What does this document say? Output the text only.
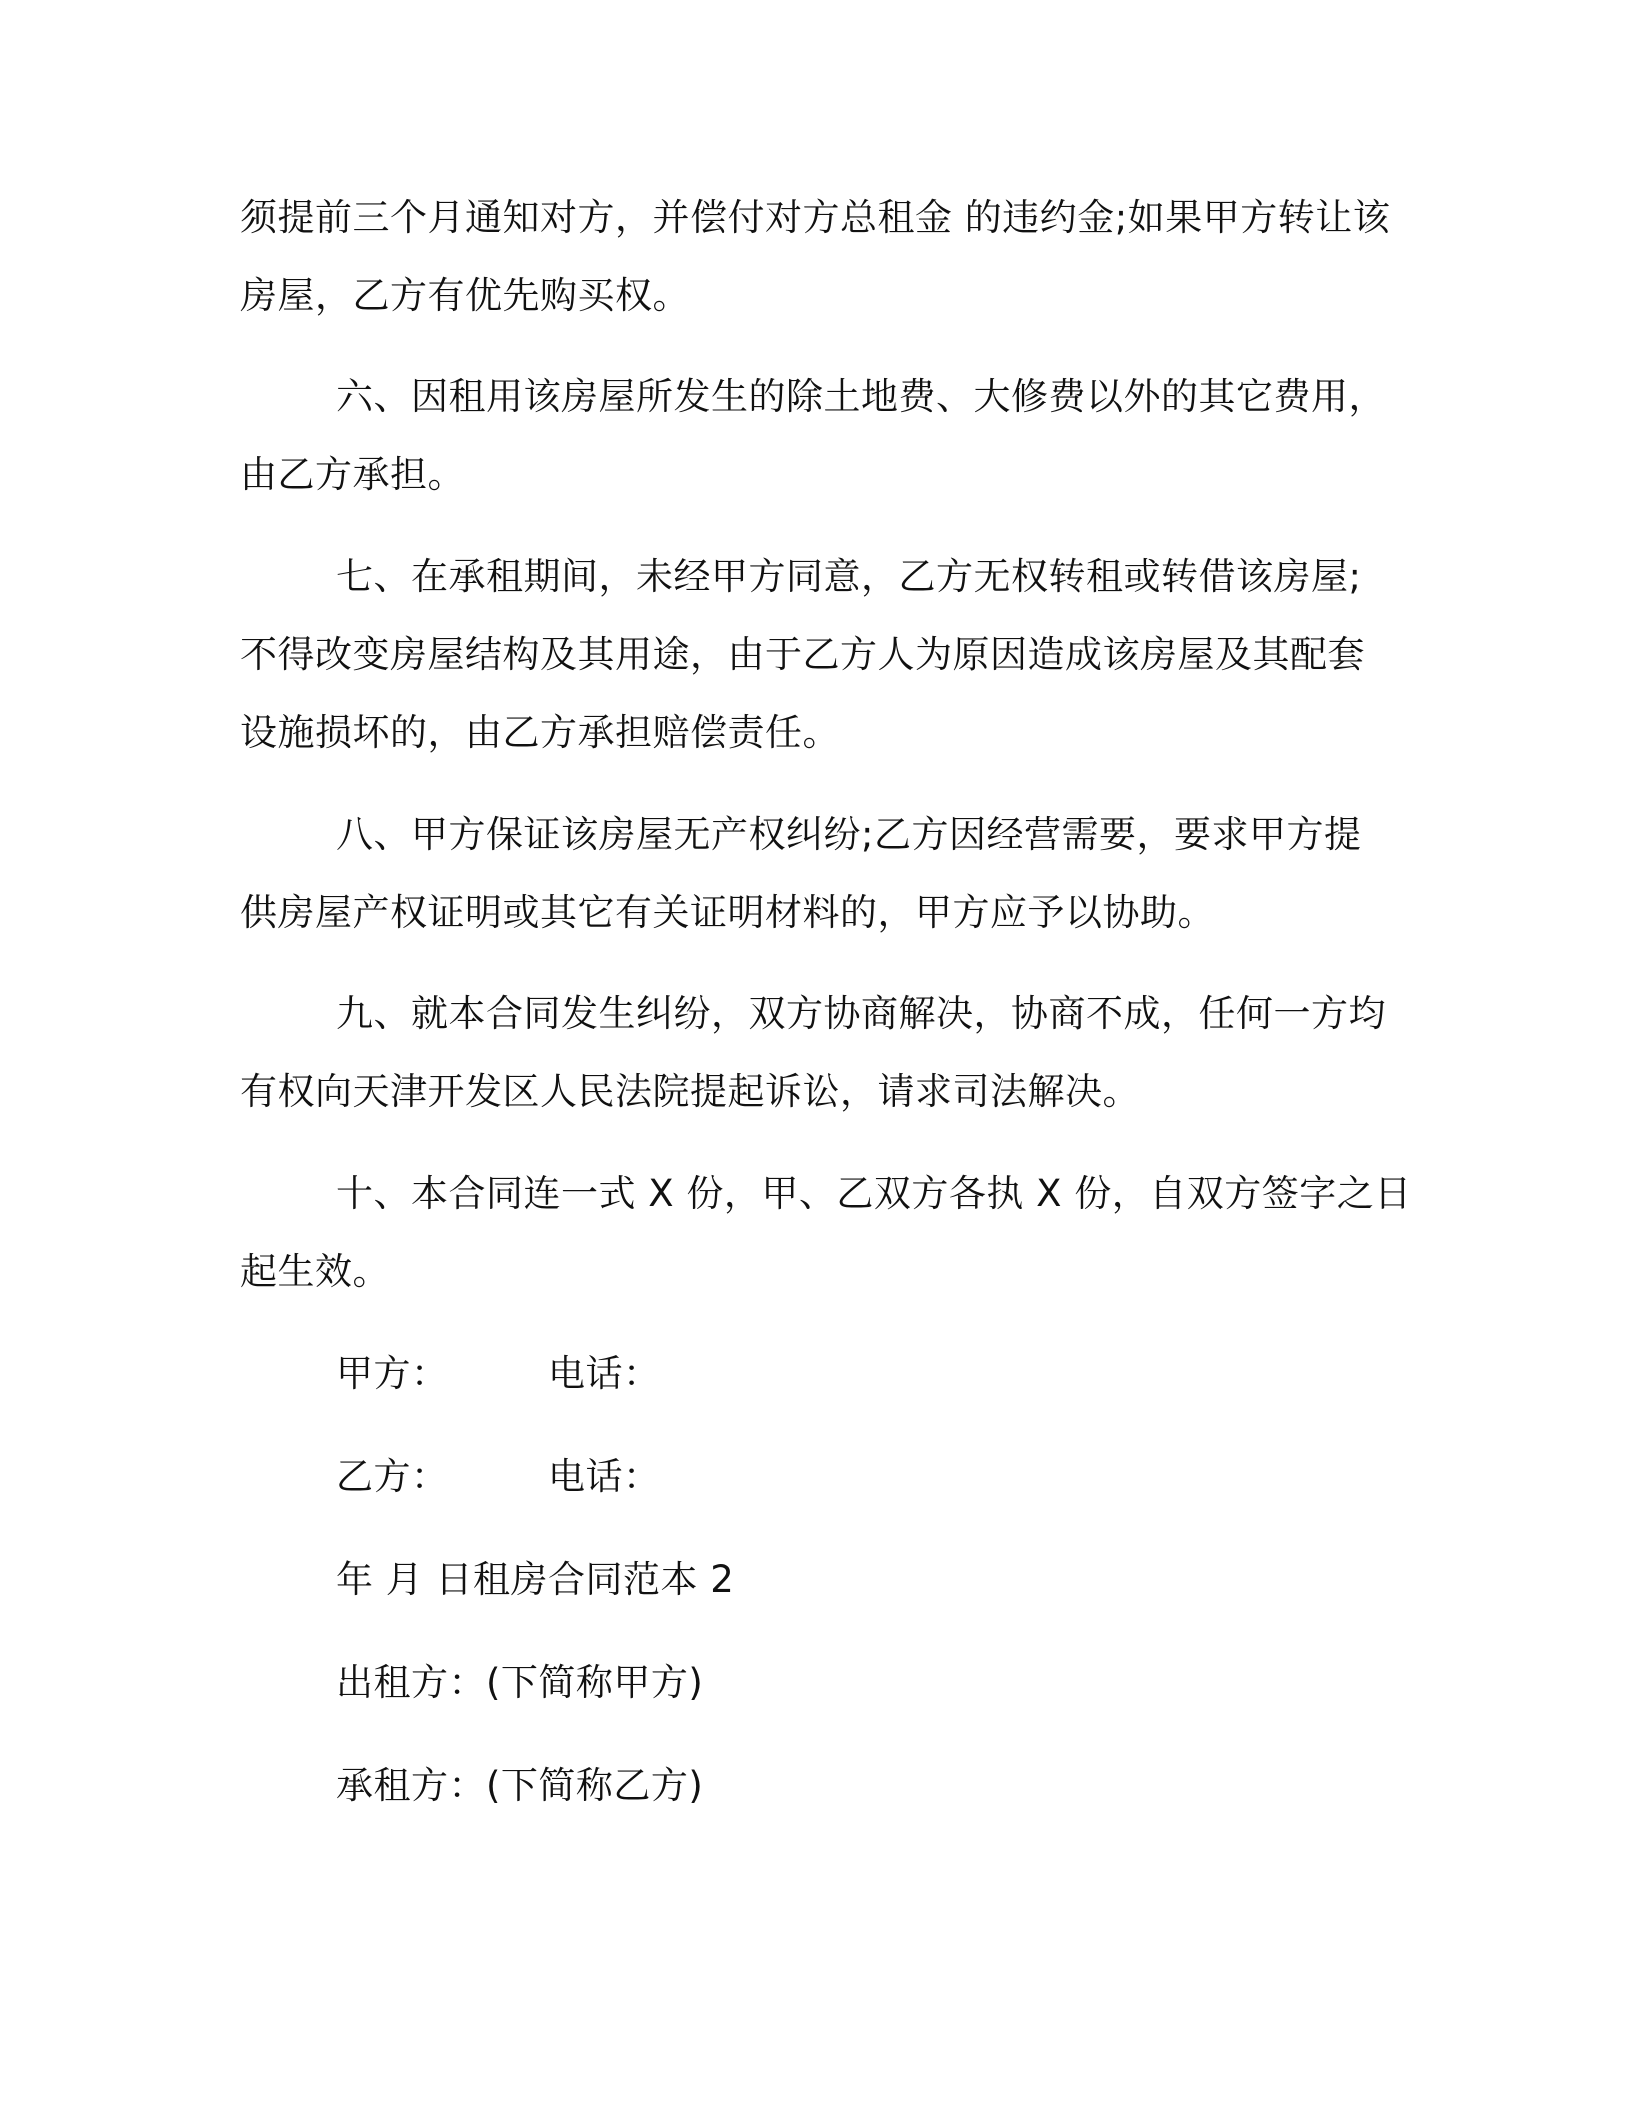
须提前三个月通知对方，并偿付对方总租金 的违约金;如果甲方转让该
房屋，乙方有优先购买权。
六、因租用该房屋所发生的除土地费、大修费以外的其它费用，
由乙方承担。
七、在承租期间，未经甲方同意，乙方无权转租或转借该房屋;
不得改变房屋结构及其用途，由于乙方人为原因造成该房屋及其配套
设施损坏的，由乙方承担赔偿责任。
八、甲方保证该房屋无产权纠纷;乙方因经营需要，要求甲方提
供房屋产权证明或其它有关证明材料的，甲方应予以协助。
九、就本合同发生纠纷，双方协商解决，协商不成，任何一方均
有权向天津开发区人民法院提起诉讼，请求司法解决。
十、本合同连一式 X 份，甲、乙双方各执 X 份，自双方签字之日
起生效。
甲方：	电话：
乙方：	电话：
年 月 日租房合同范本 2
出租方：(下简称甲方)
承租方：(下简称乙方)
